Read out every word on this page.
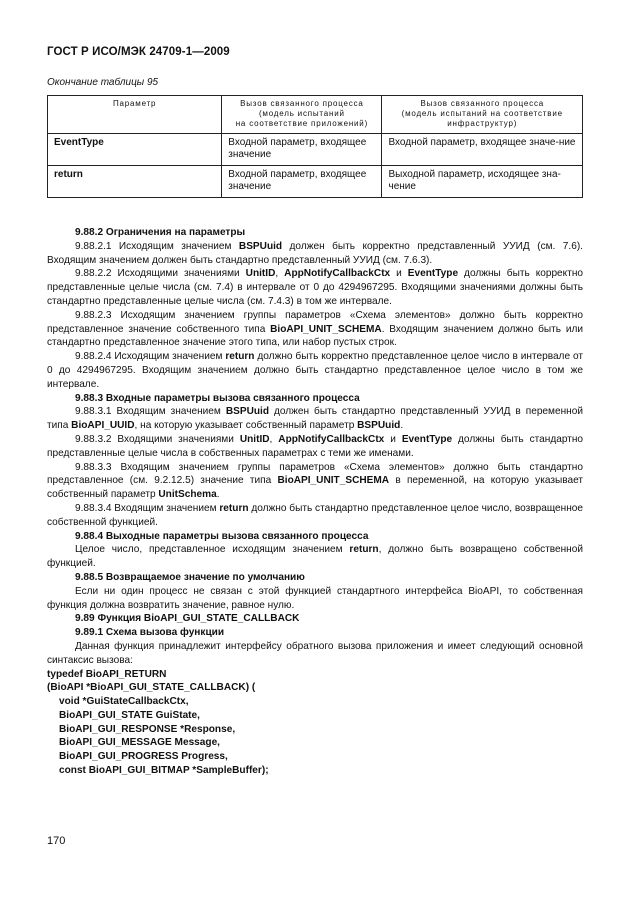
ГОСТ Р ИСО/МЭК 24709-1—2009
Окончание таблицы 95
Параметр	Вызов связанного процесса
(модель испытаний
на соответствие приложений)	Вызов связанного процесса
(модель испытаний на соответствие
инфраструктур)
EventType	Входной параметр, входящее значение	Входной параметр, входящее значе-ние
return	Входной параметр, входящее значение	Выходной параметр, исходящее зна-чение

9.88.2 Ограничения на параметры

9.88.2.1 Исходящим значением BSPUuid должен быть корректно представленный УУИД (см. 7.6). Входящим значением должен быть стандартно представленный УУИД (см. 7.6.3).

9.88.2.2 Исходящими значениями UnitID, AppNotifyCallbackCtx и EventType должны быть корректно представленные целые числа (см. 7.4) в интервале от 0 до 4294967295. Входящими значениями должны быть стандартно представленные целые числа (см. 7.4.3) в том же интервале.

9.88.2.3 Исходящим значением группы параметров «Схема элементов» должно быть корректно представленное значение собственного типа BioAPI_UNIT_SCHEMA. Входящим значением должно быть или стандартно представленное значение этого типа, или набор пустых строк.

9.88.2.4 Исходящим значением return должно быть корректно представленное целое число в интервале от 0 до 4294967295. Входящим значением должно быть стандартно представленное целое число в том же интервале.

9.88.3 Входные параметры вызова связанного процесса

9.88.3.1 Входящим значением BSPUuid должен быть стандартно представленный УУИД в переменной типа BioAPI_UUID, на которую указывает собственный параметр BSPUuid.

9.88.3.2 Входящими значениями UnitID, AppNotifyCallbackCtx и EventType должны быть стандартно представленные целые числа в собственных параметрах с теми же именами.

9.88.3.3 Входящим значением группы параметров «Схема элементов» должно быть стандартно представленное (см. 9.2.12.5) значение типа BioAPI_UNIT_SCHEMA в переменной, на которую указывает собственный параметр UnitSchema.

9.88.3.4 Входящим значением return должно быть стандартно представленное целое число, возвращенное собственной функцией.

9.88.4 Выходные параметры вызова связанного процесса

Целое число, представленное исходящим значением return, должно быть возвращено собственной функцией.

9.88.5 Возвращаемое значение по умолчанию

Если ни один процесс не связан с этой функцией стандартного интерфейса BioAPI, то собственная функция должна возвратить значение, равное нулю.

9.89 Функция BioAPI_GUI_STATE_CALLBACK

9.89.1 Схема вызова функции

Данная функция принадлежит интерфейсу обратного вызова приложения и имеет следующий основной синтаксис вызова:

typedef BioAPI_RETURN

(BioAPI *BioAPI_GUI_STATE_CALLBACK) (

void *GuiStateCallbackCtx,

BioAPI_GUI_STATE GuiState,

BioAPI_GUI_RESPONSE *Response,

BioAPI_GUI_MESSAGE Message,

BioAPI_GUI_PROGRESS Progress,

const BioAPI_GUI_BITMAP *SampleBuffer);

170
